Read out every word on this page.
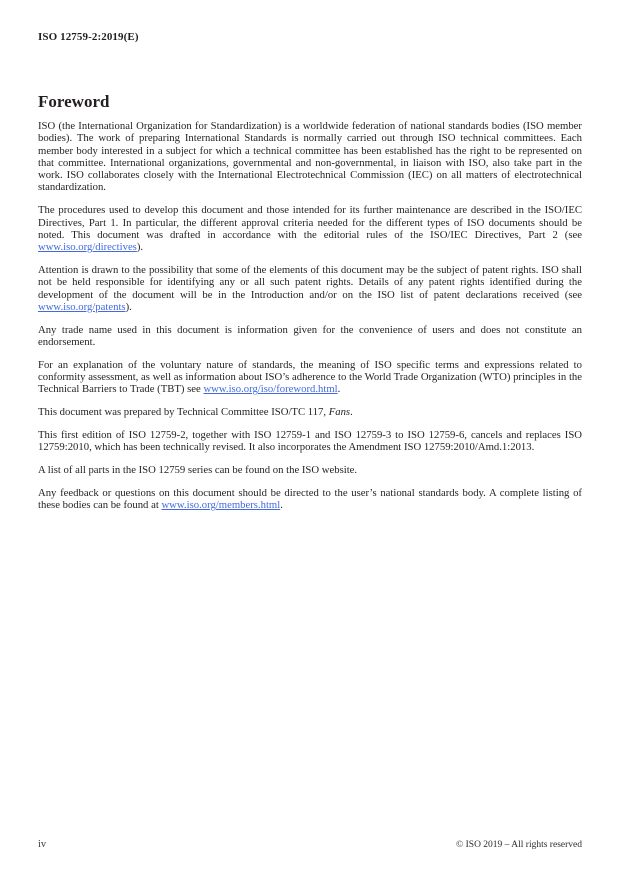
ISO 12759-2:2019(E)
Foreword

ISO (the International Organization for Standardization) is a worldwide federation of national standards bodies (ISO member bodies). The work of preparing International Standards is normally carried out through ISO technical committees. Each member body interested in a subject for which a technical committee has been established has the right to be represented on that committee. International organizations, governmental and non-governmental, in liaison with ISO, also take part in the work. ISO collaborates closely with the International Electrotechnical Commission (IEC) on all matters of electrotechnical standardization.

The procedures used to develop this document and those intended for its further maintenance are described in the ISO/IEC Directives, Part 1. In particular, the different approval criteria needed for the different types of ISO documents should be noted. This document was drafted in accordance with the editorial rules of the ISO/IEC Directives, Part 2 (see www.iso.org/directives).

Attention is drawn to the possibility that some of the elements of this document may be the subject of patent rights. ISO shall not be held responsible for identifying any or all such patent rights. Details of any patent rights identified during the development of the document will be in the Introduction and/or on the ISO list of patent declarations received (see www.iso.org/patents).

Any trade name used in this document is information given for the convenience of users and does not constitute an endorsement.

For an explanation of the voluntary nature of standards, the meaning of ISO specific terms and expressions related to conformity assessment, as well as information about ISO’s adherence to the World Trade Organization (WTO) principles in the Technical Barriers to Trade (TBT) see www.iso.org/iso/foreword.html.

This document was prepared by Technical Committee ISO/TC 117, Fans.

This first edition of ISO 12759-2, together with ISO 12759-1 and ISO 12759-3 to ISO 12759-6, cancels and replaces ISO 12759:2010, which has been technically revised. It also incorporates the Amendment ISO 12759:2010/Amd.1:2013.

A list of all parts in the ISO 12759 series can be found on the ISO website.

Any feedback or questions on this document should be directed to the user’s national standards body. A complete listing of these bodies can be found at www.iso.org/members.html.

iv	© ISO 2019 – All rights reserved
